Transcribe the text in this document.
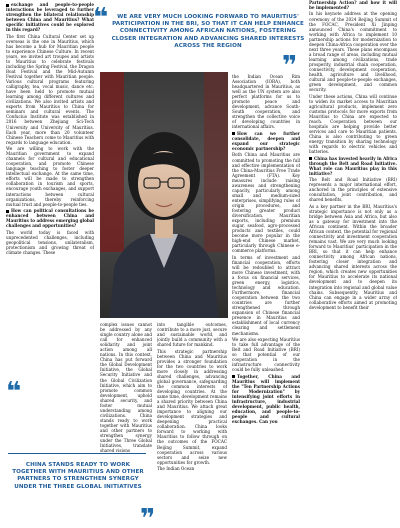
exchange and people-to-people interactions be leveraged to further strengthen the bilateral relationship between China and Mauritius? What specific initiatives could be explored in this regard?

The first China Cultural Center set up overseas is the one in Mauritius, which has become a hub for Mauritian people to experience Chinese Culture. In recent years, we invited art troupes and artists to Mauritius to celebrate festivals including the Spring Festival, the Dragon Boat Festival and the Mid-Autumn Festival together with Mauritian people. Various cultural programs featuring calligraphy, tea, vocal music, dance etc. have been held to promote mutual learning among different cultures and civilizations. We also invited artists and experts from Mauritius to China for seminars and cultural events. The Confucius Institute was established in 2016 between Zhejiang Sci-Tech University and University of Mauritius. Each year, more than 20 volunteer Chinese Teachers come to Mauritius with regards to language education.

We are willing to work with the Mauritian government to expand channels for cultural and educational cooperation, and promote Chinese language teaching to foster deeper intellectual exchange. At the same time, efforts will be made to strengthen collaboration in tourism and sports, encourage youth exchanges, and support interactions between cultural organizations, thereby reinforcing mutual trust and people-to-people ties.

How can political consultations be enhanced between China and Mauritius to address emerging global challenges and opportunities?

The world today is faced with unprecedented challenges, including geopolitical tensions, unilateralism, protectionism and growing threat of climate changes. These

❝	WE ARE VERY MUCH LOOKING FORWARD TO MAURITIUS' PARTICIPATION IN THE BRI, SO THAT IT CAN HELP ENHANCE CONNECTIVITY AMONG AFRICAN NATIONS, FOSTERING CLOSER INTEGRATION AND ADVANCING SHARED INTERESTS ACROSS THE REGION
❞

complex issues cannot be addressed by any single country alone and call for enhanced solidarity and joint action among all nations. In this context, China has put forward the Global Development Initiative, the Global Security Initiative and the Global Civilization Initiative, which aim to promote common development, uphold shared security, and foster mutual understanding among civilizations. China stands ready to work together with Mauritius and other partners to strengthen synergy under the Three Global Initiatives, translate shared visions

into tangible outcomes, contribute to a more just, secure and sustainable world, and jointly build a community with a shared future for mankind.

This strategic partnership between China and Mauritius provides a stronger foundation for the two countries to work more closely in addressing shared challenges, advancing global governance, safeguarding the common interests of developing countries. At the same time, development remains a shared priority between China and Mauritius. We attach great importance to aligning our development strategies and deepening practical collaboration. China looks forward to working with Mauritius to follow through on the outcomes of the FOCAC Beijing Summit, expand cooperation across various sectors and seize new opportunities for growth.

The Indian Ocean

the Indian Ocean Rim Association (IORA), both headquartered in Mauritius, as well as the UN system are also perfect platforms for us to promote peace and development, advance South-South cooperation, and strengthen the collective voice of developing countries in international affairs.

How can we further consolidate, deepen and expand our strategic economic partnership?

Both China and Mauritius are committed to promoting the full and effective implementation of the China-Mauritius Free Trade Agreement (FTA). Key measures include raising awareness and strengthening capacity, particularly among small and medium-sized enterprises, simplifying rules of origin procedures, and fostering greater product diversification. Mauritian exports, including premium sugar, seafood, agro-processed products and textiles, could become more popular in the high-end Chinese market, particularly through Chinese e-commerce platforms.

In terms of investment and financial cooperation, efforts will be redoubled to attract more Chinese investment, with a focus on financial services, green energy, logistics, technology and education. Furthermore, financial cooperation between the two countries are further strengthened through expansion of Chinese financial presence in Mauritius and establishment of local currency clearing and settlement mechanisms.

We are also expecting Mauritius to take full advantage of the Belt and Road Initiative (BRI) so that potential of our cooperation in the infrastructure connectivity could be fully unleashed.

Together, China and Mauritius will implement the "Ten Partnership Actions for Modernization" by intensifying joint efforts in infrastructure, industrial development, public health, education, and people-to-people and cultural exchanges. Can you

Partnership Action? and how it will be implemented?

In his keynote address at the opening ceremony of the 2024 Beijing Summit of the FOCAC, President Xi Jinping announced China's commitment to working with Africa to implement 10 partnership actions for modernization to deepen China-Africa cooperation over the next three years. These plans encompass a broad range of areas, including mutual learning among civilizations, trade prosperity, industrial chain cooperation, connectivity, development cooperation, health, agriculture and livelihood, cultural and people-to-people exchanges, green development, and common security.

Under these actions, China will continue to widen its market access to Mauritian agricultural products, implement zero customs protocols for more exports from Mauritius to China are expected to reach. Cooperation between our hospitals are helping provide better services and care to Mauritian patients. China is also contributing to green energy transition by sharing technology with regards to electric vehicles and batteries.

China has invested heavily in Africa through the Belt and Road Initiative. What role can Mauritius play in this initiative?

The Belt and Road Initiative (BRI) represents a major international effort, anchored in the principles of extensive consultation, joint contribution, and shared benefits.

As a key partner in the BRI, Mauritius's strategic importance is not only as a bridge between Asia and Africa, but also as a gateway for investment into the African continent. Within the broader African context, the potential for regional connectivity and investment cooperation remains vast. We are very much looking forward to Mauritius' participation in the BRI, so that it can help enhance connectivity among African nations, fostering closer integration and advancing shared interests across the region, which creates new opportunities for Mauritius to accelerate its national development and to deepen its integration into regional and global value chains. Subsequently, Mauritius and China can engage in a wider array of collaborative efforts aimed at promoting development to benefit their

❝
CHINA STANDS READY TO WORK TOGETHER WITH MAURITIUS AND OTHER PARTNERS TO STRENGTHEN SYNERGY UNDER THE THREE GLOBAL INITIATIVES
❞
